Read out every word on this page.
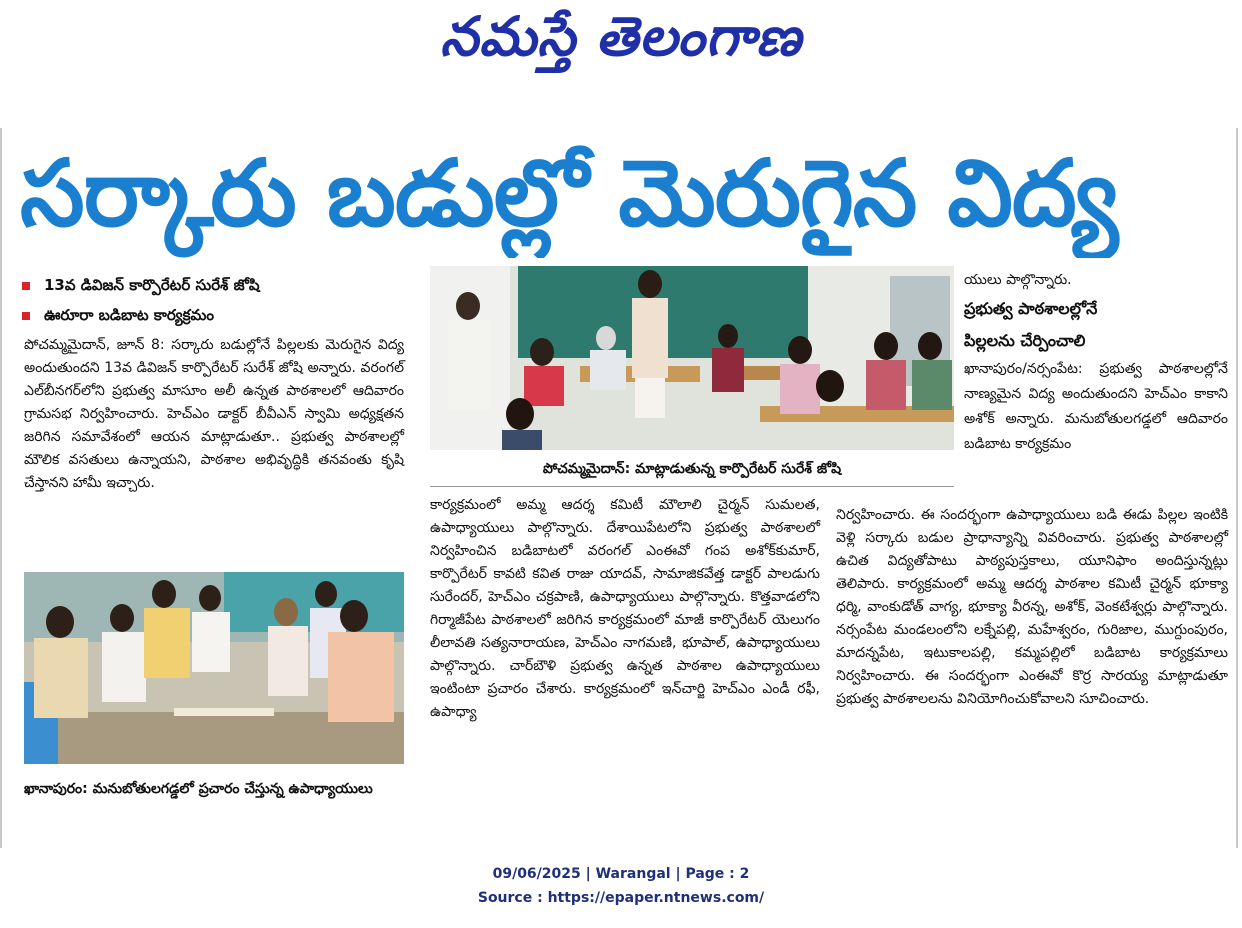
నమస్తే తెలంగాణ
సర్కారు బడుల్లో మెరుగైన విద్య
13వ డివిజన్ కార్పొరేటర్ సురేశ్ జోషి
ఊరూరా బడిబాట కార్యక్రమం

పోచమ్మమైదాన్, జూన్ 8: సర్కారు బడుల్లోనే పిల్లలకు మెరుగైన విద్య అందుతుందని 13వ డివిజన్ కార్పొరేటర్ సురేశ్ జోషి అన్నారు. వరంగల్ ఎల్‌బీనగర్‌లోని ప్రభుత్వ మాసూం అలీ ఉన్నత పాఠశాలలో ఆదివారం గ్రామసభ నిర్వహించారు. హెచ్‌ఎం డాక్టర్ బీవీఎన్ స్వామి అధ్యక్షతన జరిగిన సమావేశంలో ఆయన మాట్లాడుతూ.. ప్రభుత్వ పాఠశాలల్లో మౌలిక వసతులు ఉన్నాయని, పాఠశాల అభివృద్ధికి తనవంతు కృషి చేస్తానని హామీ ఇచ్చారు.

పోచమ్మమైదాన్: మాట్లాడుతున్న కార్పొరేటర్ సురేశ్ జోషి
ఖానాపురం: మనుబోతులగడ్డలో ప్రచారం చేస్తున్న ఉపాధ్యాయులు

కార్యక్రమంలో అమ్మ ఆదర్శ కమిటీ మౌలాలి చైర్మన్ సుమలత, ఉపాధ్యాయులు పాల్గొన్నారు. దేశాయిపేటలోని ప్రభుత్వ పాఠశాలలో నిర్వహించిన బడిబాటలో వరంగల్ ఎంఈవో గంప అశోక్‌కుమార్, కార్పొరేటర్ కావటి కవిత రాజు యాదవ్, సామాజికవేత్త డాక్టర్ పాలడుగు సురేందర్, హెచ్‌ఎం చక్రపాణి, ఉపాధ్యాయులు పాల్గొన్నారు. కొత్తవాడలోని గిర్మాజీపేట పాఠశాలలో జరిగిన కార్యక్రమంలో మాజీ కార్పొరేటర్ యెలుగం లీలావతి సత్యనారాయణ, హెచ్‌ఎం నాగమణి, భూపాల్, ఉపాధ్యాయులు పాల్గొన్నారు. చార్‌బౌళి ప్రభుత్వ ఉన్నత పాఠశాల ఉపాధ్యాయులు ఇంటింటా ప్రచారం చేశారు. కార్యక్రమంలో ఇన్‌చార్జి హెచ్‌ఎం ఎండీ రఫీ, ఉపాధ్యా

యులు పాల్గొన్నారు.

ప్రభుత్వ పాఠశాలల్లోనే
పిల్లలను చేర్పించాలి

ఖానాపురం/నర్సంపేట: ప్రభుత్వ పాఠశాలల్లోనే నాణ్యమైన విద్య అందుతుందని హెచ్‌ఎం కాకాని అశోక్ అన్నారు. మనుబోతులగడ్డలో ఆదివారం బడిబాట కార్యక్రమం

నిర్వహించారు. ఈ సందర్భంగా ఉపాధ్యాయులు బడి ఈడు పిల్లల ఇంటికి వెళ్లి సర్కారు బడుల ప్రాధాన్యాన్ని వివరించారు. ప్రభుత్వ పాఠశాలల్లో ఉచిత విద్యతోపాటు పాఠ్యపుస్తకాలు, యూనిఫాం అందిస్తున్నట్లు తెలిపారు. కార్యక్రమంలో అమ్మ ఆదర్శ పాఠశాల కమిటీ చైర్మన్ భూక్యా ధర్మి, వాంకుడోత్ వాగ్య, భూక్యా వీరన్న, అశోక్, వెంకటేశ్వర్లు పాల్గొన్నారు. నర్సంపేట మండలంలోని లక్నేపల్లి, మహేశ్వరం, గురిజాల, ముగ్దుంపురం, మాదన్నపేట, ఇటుకాలపల్లి, కమ్మపల్లిలో బడిబాట కార్యక్రమాలు నిర్వహించారు. ఈ సందర్భంగా ఎంఈవో కొర్ర సారయ్య మాట్లాడుతూ ప్రభుత్వ పాఠశాలలను వినియోగించుకోవాలని సూచించారు.

09/06/2025 | Warangal | Page : 2
Source : https://epaper.ntnews.com/
